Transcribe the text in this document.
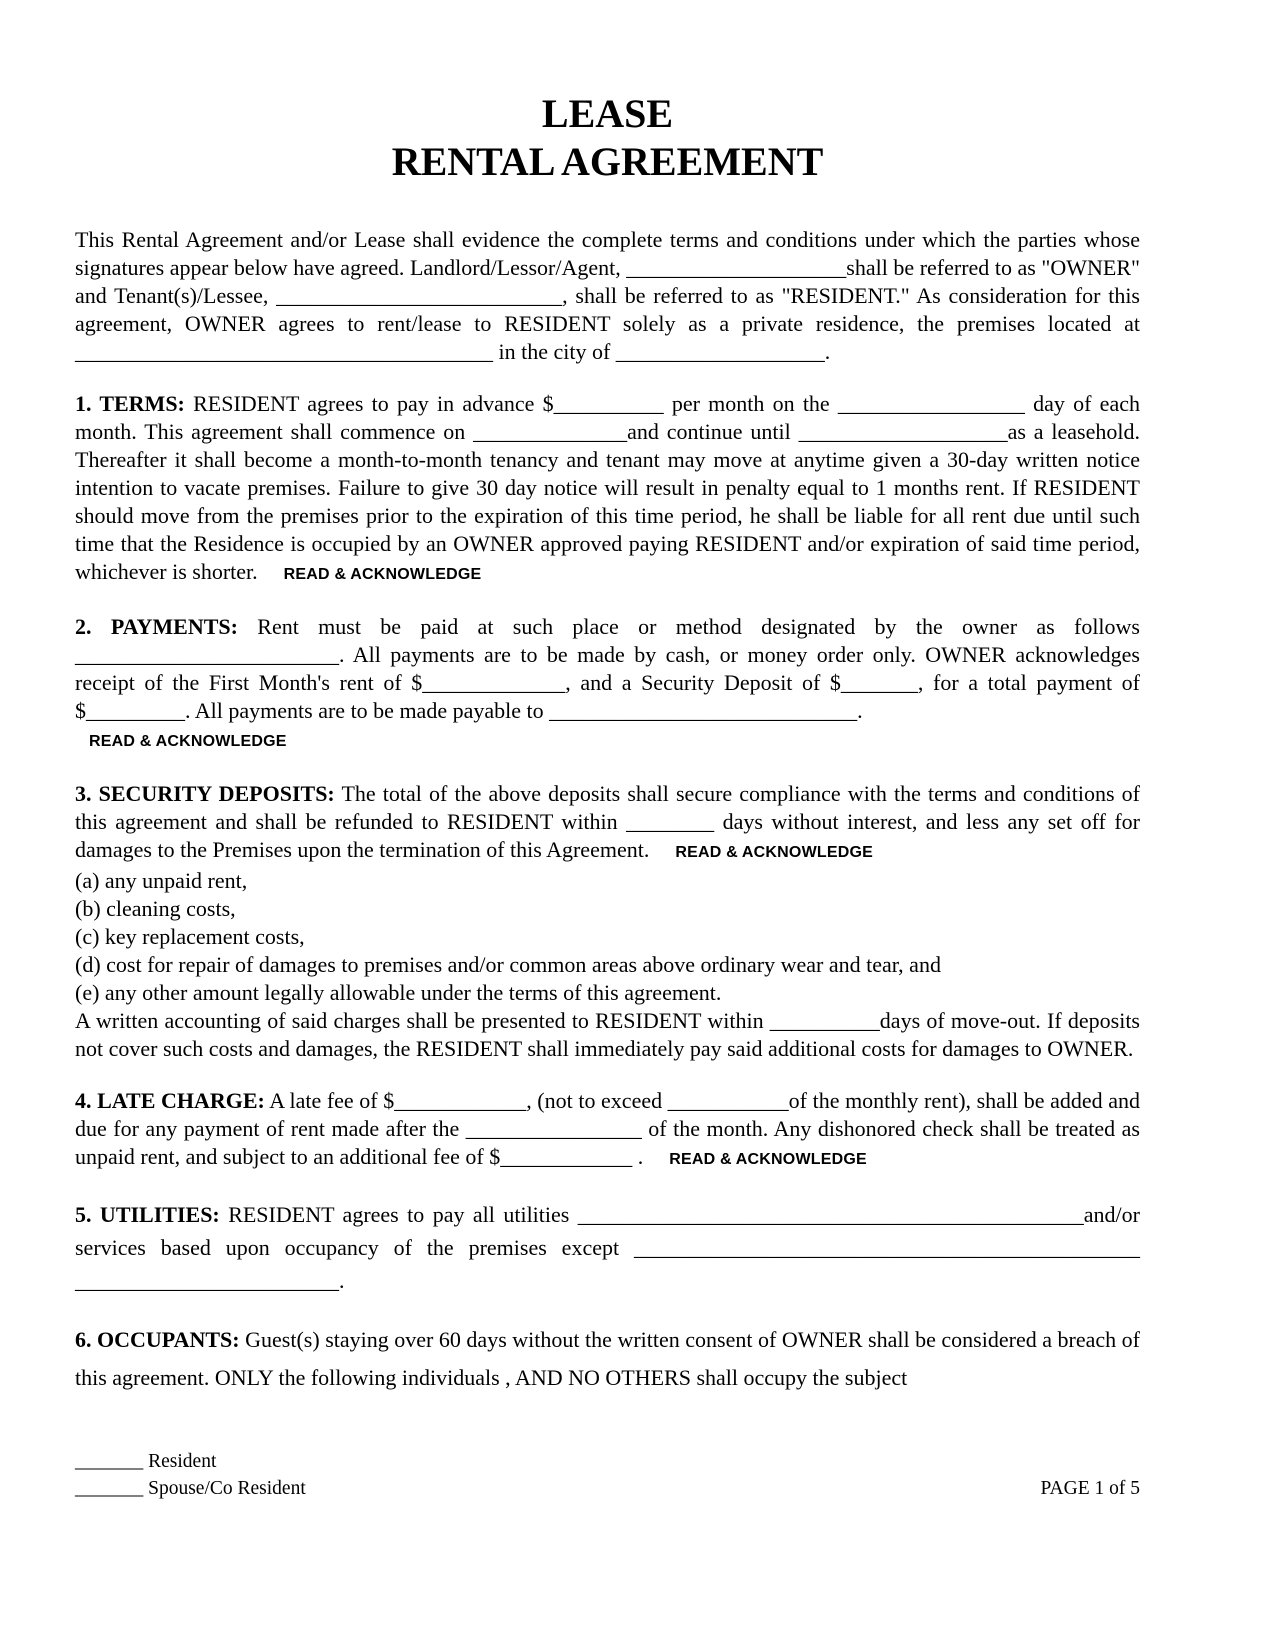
LEASE
RENTAL AGREEMENT

This Rental Agreement and/or Lease shall evidence the complete terms and conditions under which the parties whose signatures appear below have agreed. Landlord/Lessor/Agent, ____________________shall be referred to as "OWNER" and Tenant(s)/Lessee, __________________________, shall be referred to as "RESIDENT." As consideration for this agreement, OWNER agrees to rent/lease to RESIDENT solely as a private residence, the premises located at ______________________________________ in the city of ___________________.

1. TERMS: RESIDENT agrees to pay in advance $__________ per month on the _________________ day of each month. This agreement shall commence on ______________and continue until ___________________as a leasehold. Thereafter it shall become a month-to-month tenancy and tenant may move at anytime given a 30-day written notice intention to vacate premises. Failure to give 30 day notice will result in penalty equal to 1 months rent. If RESIDENT should move from the premises prior to the expiration of this time period, he shall be liable for all rent due until such time that the Residence is occupied by an OWNER approved paying RESIDENT and/or expiration of said time period, whichever is shorter. READ & ACKNOWLEDGE

2. PAYMENTS: Rent must be paid at such place or method designated by the owner as follows ________________________. All payments are to be made by cash, or money order only. OWNER acknowledges receipt of the First Month's rent of $_____________, and a Security Deposit of $_______, for a total payment of $_________. All payments are to be made payable to ____________________________.
READ & ACKNOWLEDGE

3. SECURITY DEPOSITS: The total of the above deposits shall secure compliance with the terms and conditions of this agreement and shall be refunded to RESIDENT within ________ days without interest, and less any set off for damages to the Premises upon the termination of this Agreement. READ & ACKNOWLEDGE

(a) any unpaid rent,
(b) cleaning costs,
(c) key replacement costs,
(d) cost for repair of damages to premises and/or common areas above ordinary wear and tear, and
(e) any other amount legally allowable under the terms of this agreement.

A written accounting of said charges shall be presented to RESIDENT within __________days of move-out. If deposits not cover such costs and damages, the RESIDENT shall immediately pay said additional costs for damages to OWNER.

4. LATE CHARGE: A late fee of $____________, (not to exceed ___________of the monthly rent), shall be added and due for any payment of rent made after the ________________ of the month. Any dishonored check shall be treated as unpaid rent, and subject to an additional fee of $____________ . READ & ACKNOWLEDGE

5. UTILITIES: RESIDENT agrees to pay all utilities ______________________________________________and/or services based upon occupancy of the premises except ______________________________________________ ________________________.

6. OCCUPANTS: Guest(s) staying over 60 days without the written consent of OWNER shall be considered a breach of this agreement. ONLY the following individuals , AND NO OTHERS shall occupy the subject

_______ Resident
_______ Spouse/Co Resident	PAGE 1 of 5
